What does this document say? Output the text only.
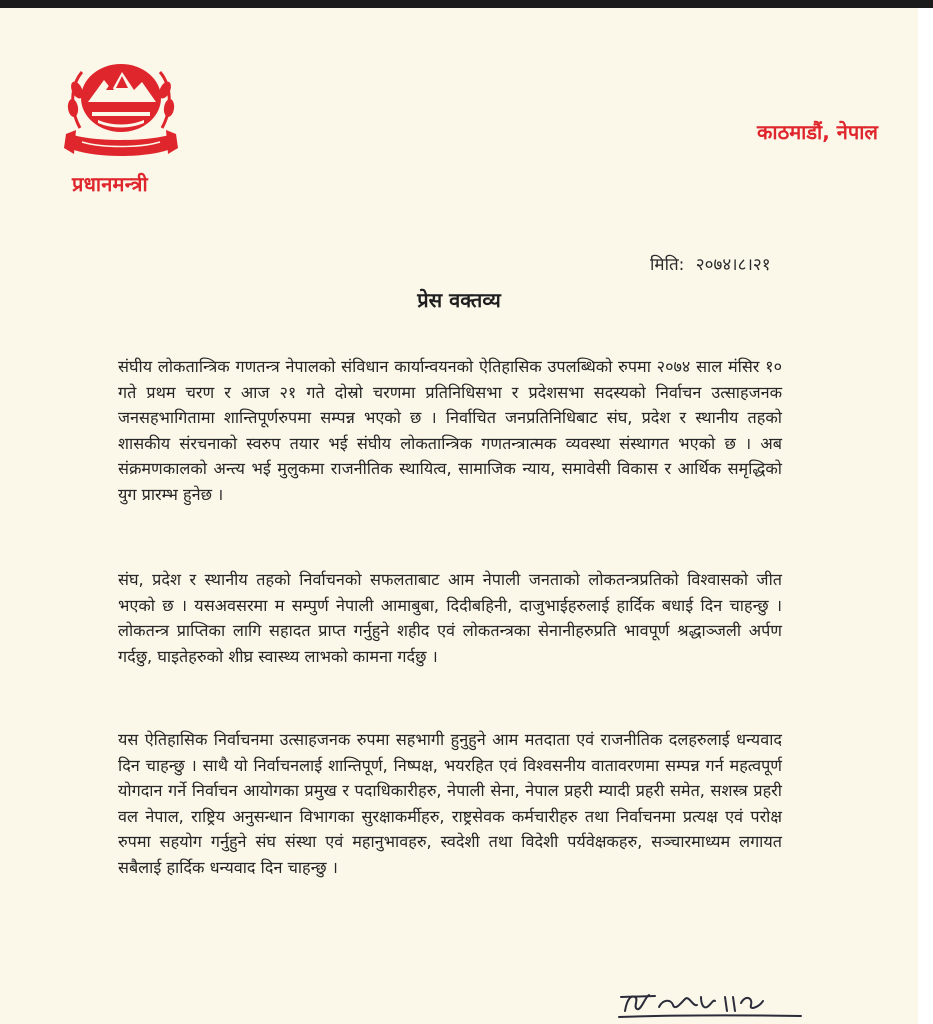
प्रधानमन्त्री
काठमाडौं, नेपाल
मिति: २०७४।८।२१
प्रेस वक्तव्य

संघीय लोकतान्त्रिक गणतन्त्र नेपालको संविधान कार्यान्वयनको ऐतिहासिक उपलब्धिको रुपमा २०७४ साल मंसिर १० गते प्रथम चरण र आज २१ गते दोस्रो चरणमा प्रतिनिधिसभा र प्रदेशसभा सदस्यको निर्वाचन उत्साहजनक जनसहभागितामा शान्तिपूर्णरुपमा सम्पन्न भएको छ । निर्वाचित जनप्रतिनिधिबाट संघ, प्रदेश र स्थानीय तहको शासकीय संरचनाको स्वरुप तयार भई संघीय लोकतान्त्रिक गणतन्त्रात्मक व्यवस्था संस्थागत भएको छ । अब संक्रमणकालको अन्त्य भई मुलुकमा राजनीतिक स्थायित्व, सामाजिक न्याय, समावेसी विकास र आर्थिक समृद्धिको युग प्रारम्भ हुनेछ ।

संघ, प्रदेश र स्थानीय तहको निर्वाचनको सफलताबाट आम नेपाली जनताको लोकतन्त्रप्रतिको विश्वासको जीत भएको छ । यसअवसरमा म सम्पुर्ण नेपाली आमाबुबा, दिदीबहिनी, दाजुभाईहरुलाई हार्दिक बधाई दिन चाहन्छु । लोकतन्त्र प्राप्तिका लागि सहादत प्राप्त गर्नुहुने शहीद एवं लोकतन्त्रका सेनानीहरुप्रति भावपूर्ण श्रद्धाञ्जली अर्पण गर्दछु, घाइतेहरुको शीघ्र स्वास्थ्य लाभको कामना गर्दछु ।

यस ऐतिहासिक निर्वाचनमा उत्साहजनक रुपमा सहभागी हुनुहुने आम मतदाता एवं राजनीतिक दलहरुलाई धन्यवाद दिन चाहन्छु । साथै यो निर्वाचनलाई शान्तिपूर्ण, निष्पक्ष, भयरहित एवं विश्वसनीय वातावरणमा सम्पन्न गर्न महत्वपूर्ण योगदान गर्ने निर्वाचन आयोगका प्रमुख र पदाधिकारीहरु, नेपाली सेना, नेपाल प्रहरी म्यादी प्रहरी समेत, सशस्त्र प्रहरी वल नेपाल, राष्ट्रिय अनुसन्धान विभागका सुरक्षाकर्मीहरु, राष्ट्रसेवक कर्मचारीहरु तथा निर्वाचनमा प्रत्यक्ष एवं परोक्ष रुपमा सहयोग गर्नुहुने संघ संस्था एवं महानुभावहरु, स्वदेशी तथा विदेशी पर्यवेक्षकहरु, सञ्चारमाध्यम लगायत सबैलाई हार्दिक धन्यवाद दिन चाहन्छु ।
